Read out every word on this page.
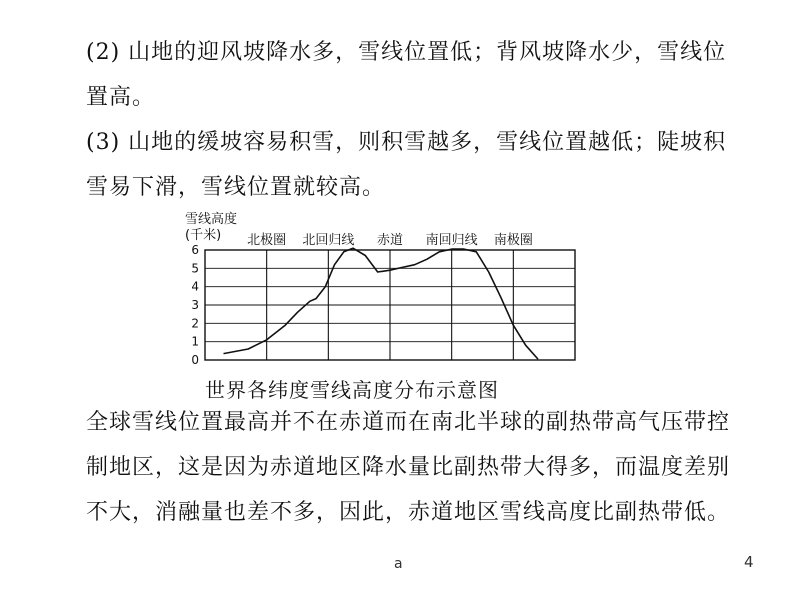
(2) 山地的迎风坡降水多，雪线位置低；背风坡降水少，雪线位置高。

(3) 山地的缓坡容易积雪，则积雪越多，雪线位置越低；陡坡积雪易下滑，雪线位置就较高。

0
1
2
3
4
5
6
北极圈 北回归线 赤道 南回归线 南极圈
雪线高度
(千米)
世界各纬度雪线高度分布示意图

全球雪线位置最高并不在赤道而在南北半球的副热带高气压带控制地区，这是因为赤道地区降水量比副热带大得多，而温度差别不大，消融量也差不多，因此，赤道地区雪线高度比副热带低。

a	4
